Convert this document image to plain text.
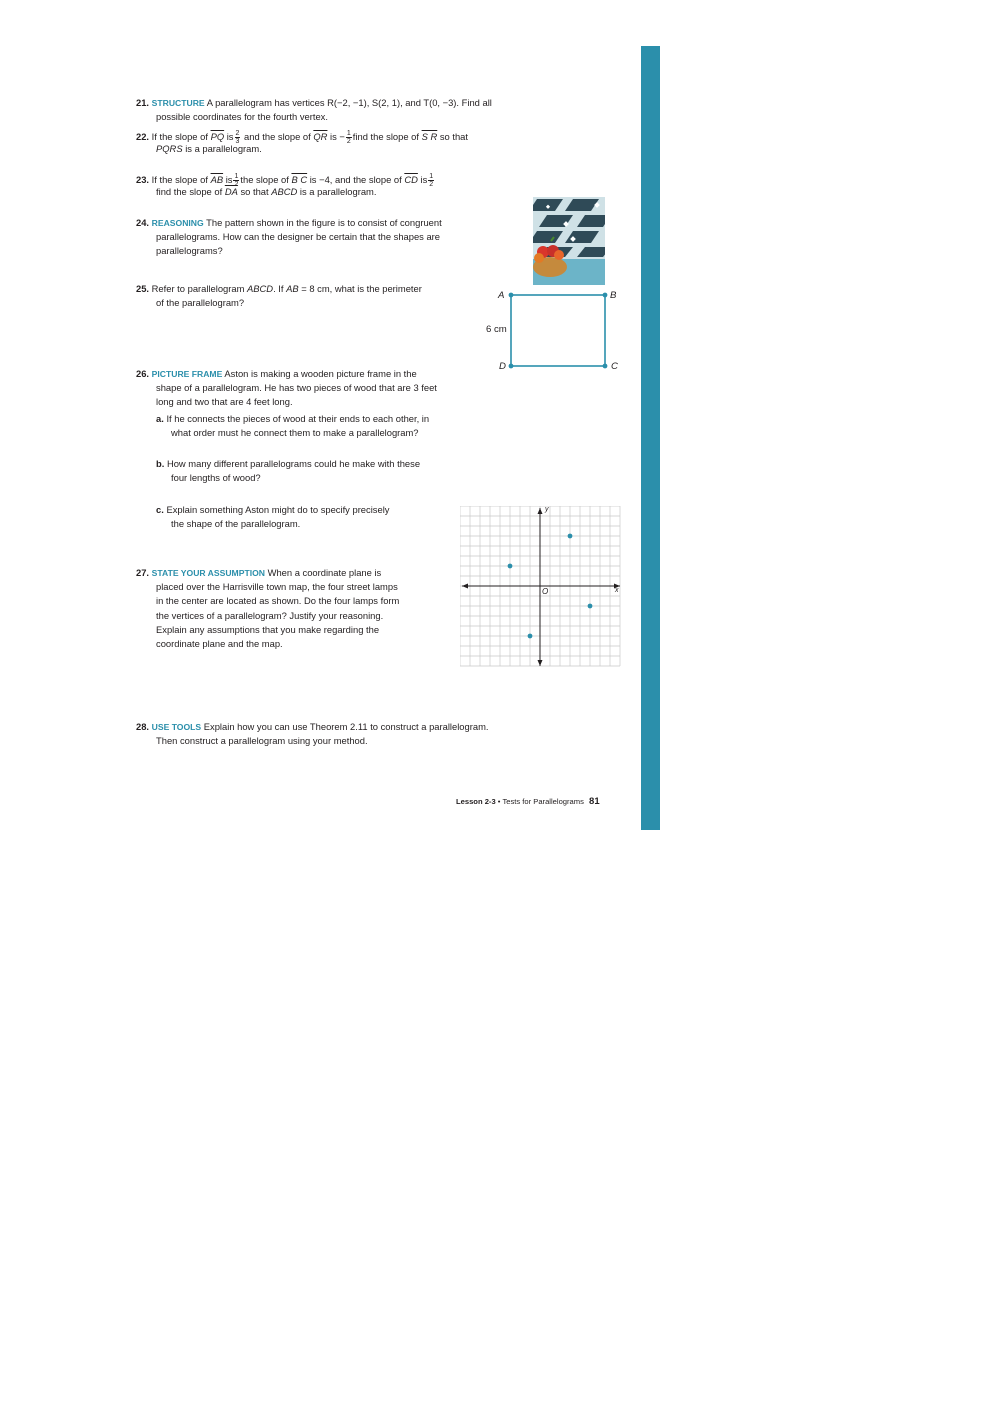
21. STRUCTURE A parallelogram has vertices R(−2, −1), S(2, 1), and T(0, −3). Find all
possible coordinates for the fourth vertex.
22. If the slope of $\overline{PQ}$ is $\frac{2}{3}$ and the slope of $\overline{QR}$ is − $\frac{1}{2}$ find the slope of S R so that
PQRS is a parallelogram.
23. If the slope of $\overline{AB}$ is $\frac{1}{2}$ the slope of B C is −4, and the slope of $\overline{CD}$ is $\frac{1}{2}$
find the slope of $\overline{DA}$ so that ABCD is a parallelogram.
24. REASONING The pattern shown in the figure is to consist of congruent
parallelograms. How can the designer be certain that the shapes are
parallelograms?
25. Refer to parallelogram ABCD. If AB = 8 cm, what is the perimeter
of the parallelogram?
A	B
C
D
6 cm
26. PICTURE FRAME Aston is making a wooden picture frame in the
shape of a parallelogram. He has two pieces of wood that are 3 feet
long and two that are 4 feet long.
a. If he connects the pieces of wood at their ends to each other, in
what order must he connect them to make a parallelogram?
b. How many different parallelograms could he make with these
four lengths of wood?
c. Explain something Aston might do to specify precisely
the shape of the parallelogram.
27. STATE YOUR ASSUMPTION When a coordinate plane is
placed over the Harrisville town map, the four street lamps
in the center are located as shown. Do the four lamps form
the vertices of a parallelogram? Justify your reasoning.
Explain any assumptions that you make regarding the
coordinate plane and the map.
y
x
O
28. USE TOOLS Explain how you can use Theorem 2.11 to construct a parallelogram.
Then construct a parallelogram using your method.
Lesson 2-3 • Tests for Parallelograms 81
